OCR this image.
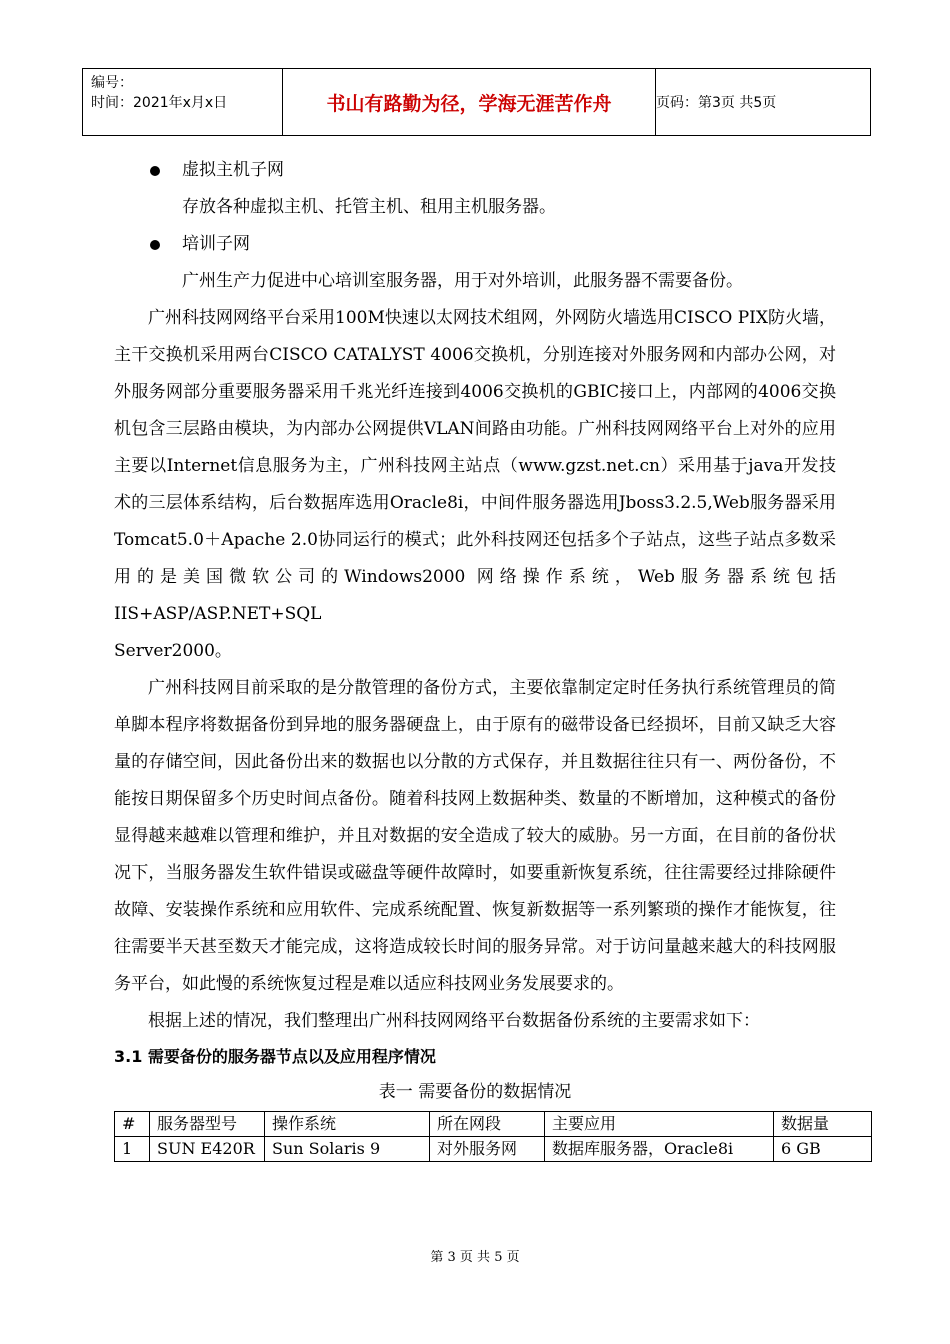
编号：
时间：2021年x月x日	书山有路勤为径，学海无涯苦作舟	页码：第3页 共5页
虚拟主机子网
存放各种虚拟主机、托管主机、租用主机服务器。
培训子网
广州生产力促进中心培训室服务器，用于对外培训，此服务器不需要备份。

广州科技网网络平台采用100M快速以太网技术组网，外网防火墙选用CISCO PIX防火墙，主干交换机采用两台CISCO CATALYST 4006交换机，分别连接对外服务网和内部办公网，对外服务网部分重要服务器采用千兆光纤连接到4006交换机的GBIC接口上，内部网的4006交换机包含三层路由模块，为内部办公网提供VLAN间路由功能。广州科技网网络平台上对外的应用主要以Internet信息服务为主，广州科技网主站点（www.gzst.net.cn）采用基于java开发技术的三层体系结构，后台数据库选用Oracle8i，中间件服务器选用Jboss3.2.5,Web服务器采用Tomcat5.0＋Apache 2.0协同运行的模式；此外科技网还包括多个子站点，这些子站点多数采用的是美国微软公司的Windows2000 网络操作系统，Web服务器系统包括IIS+ASP/ASP.NET+SQL

Server2000。

广州科技网目前采取的是分散管理的备份方式，主要依靠制定定时任务执行系统管理员的简单脚本程序将数据备份到异地的服务器硬盘上，由于原有的磁带设备已经损坏，目前又缺乏大容量的存储空间，因此备份出来的数据也以分散的方式保存，并且数据往往只有一、两份备份，不能按日期保留多个历史时间点备份。随着科技网上数据种类、数量的不断增加，这种模式的备份显得越来越难以管理和维护，并且对数据的安全造成了较大的威胁。另一方面，在目前的备份状况下，当服务器发生软件错误或磁盘等硬件故障时，如要重新恢复系统，往往需要经过排除硬件故障、安装操作系统和应用软件、完成系统配置、恢复新数据等一系列繁琐的操作才能恢复，往往需要半天甚至数天才能完成，这将造成较长时间的服务异常。对于访问量越来越大的科技网服务平台，如此慢的系统恢复过程是难以适应科技网业务发展要求的。

根据上述的情况，我们整理出广州科技网网络平台数据备份系统的主要需求如下：

3.1 需要备份的服务器节点以及应用程序情况
表一 需要备份的数据情况
#	服务器型号	操作系统	所在网段	主要应用	数据量
1	SUN E420R	Sun Solaris 9	对外服务网	数据库服务器，Oracle8i	6 GB
第 3 页 共 5 页
